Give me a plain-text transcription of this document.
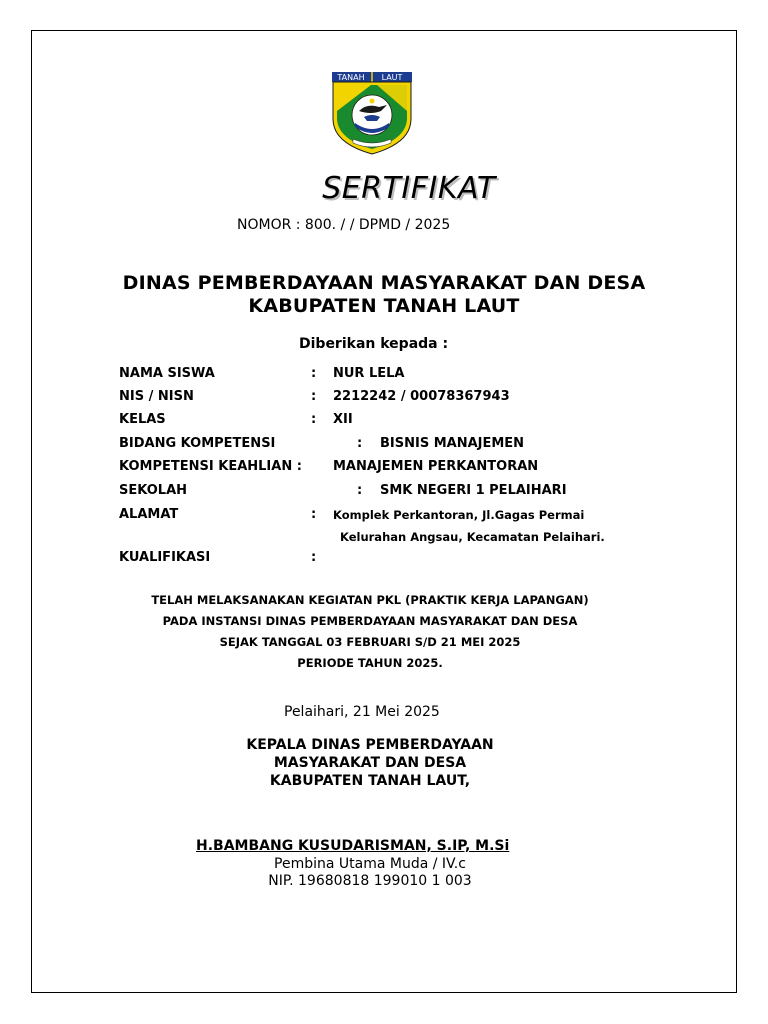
TANAH LAUT
SERTIFIKAT
NOMOR : 800. / / DPMD / 2025
DINAS PEMBERDAYAAN MASYARAKAT DAN DESA
KABUPATEN TANAH LAUT
Diberikan kepada :
NAMA SISWA	: NUR LELA
NIS / NISN	: 2212242 / 00078367943
KELAS	: XII
BIDANG KOMPETENSI	: BISNIS MANAJEMEN
KOMPETENSI KEAHLIAN : MANAJEMEN PERKANTORAN
SEKOLAH	: SMK NEGERI 1 PELAIHARI
ALAMAT	: Komplek Perkantoran, Jl.Gagas Permai
Kelurahan Angsau, Kecamatan Pelaihari.
KUALIFIKASI	:
TELAH MELAKSANAKAN KEGIATAN PKL (PRAKTIK KERJA LAPANGAN)
PADA INSTANSI DINAS PEMBERDAYAAN MASYARAKAT DAN DESA
SEJAK TANGGAL 03 FEBRUARI S/D 21 MEI 2025
PERIODE TAHUN 2025.
Pelaihari, 21 Mei 2025
KEPALA DINAS PEMBERDAYAAN
MASYARAKAT DAN DESA
KABUPATEN TANAH LAUT,
H.BAMBANG KUSUDARISMAN, S.IP, M.Si
Pembina Utama Muda / IV.c
NIP. 19680818 199010 1 003
